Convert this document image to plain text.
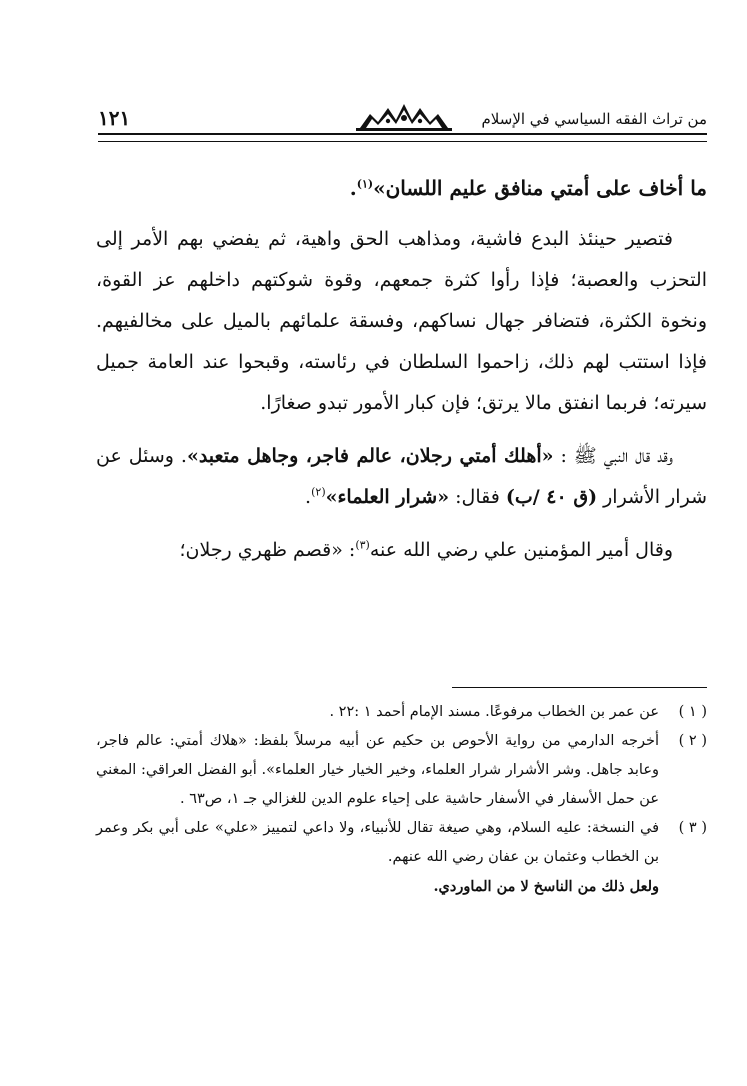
من تراث الفقه السياسي في الإسلام
١٢١

ما أخاف على أمتي منافق عليم اللسان»$^{(١)}$.

فتصير حينئذ البدع فاشية، ومذاهب الحق واهية، ثم يفضي بهم الأمر إلى التحزب والعصبة؛ فإذا رأوا كثرة جمعهم، وقوة شوكتهم داخلهم عز القوة، ونخوة الكثرة، فتضافر جهال نساكهم، وفسقة علمائهم بالميل على مخالفيهم. فإذا استتب لهم ذلك، زاحموا السلطان في رئاسته، وقبحوا عند العامة جميل سيرته؛ فربما انفتق مالا يرتق؛ فإن كبار الأمور تبدو صغارًا.

وقد قال النبي ﷺ : «أهلك أمتي رجلان، عالم فاجر، وجاهل متعبد». وسئل عن شرار الأشرار (ق ٤٠ /ب) فقال: «شرار العلماء»$^{(٢)}$.

وقال أمير المؤمنين علي رضي الله عنه$^{(٣)}$: «قصم ظهري رجلان؛

( ١ )
عن عمر بن الخطاب مرفوعًا. مسند الإمام أحمد ١ :٢٢ .
( ٢ )
أخرجه الدارمي من رواية الأحوص بن حكيم عن أبيه مرسلاً بلفظ: «هلاك أمتي: عالم فاجر، وعابد جاهل. وشر الأشرار شرار العلماء، وخير الخيار خيار العلماء». أبو الفضل العراقي: المغني عن حمل الأسفار في الأسفار حاشية على إحياء علوم الدين للغزالي جـ ١، ص٦٣ .
( ٣ )
في النسخة: عليه السلام، وهي صيغة تقال للأنبياء، ولا داعي لتمييز «علي» على أبي بكر وعمر بن الخطاب وعثمان بن عفان رضي الله عنهم.
ولعل ذلك من الناسخ لا من الماوردي.
